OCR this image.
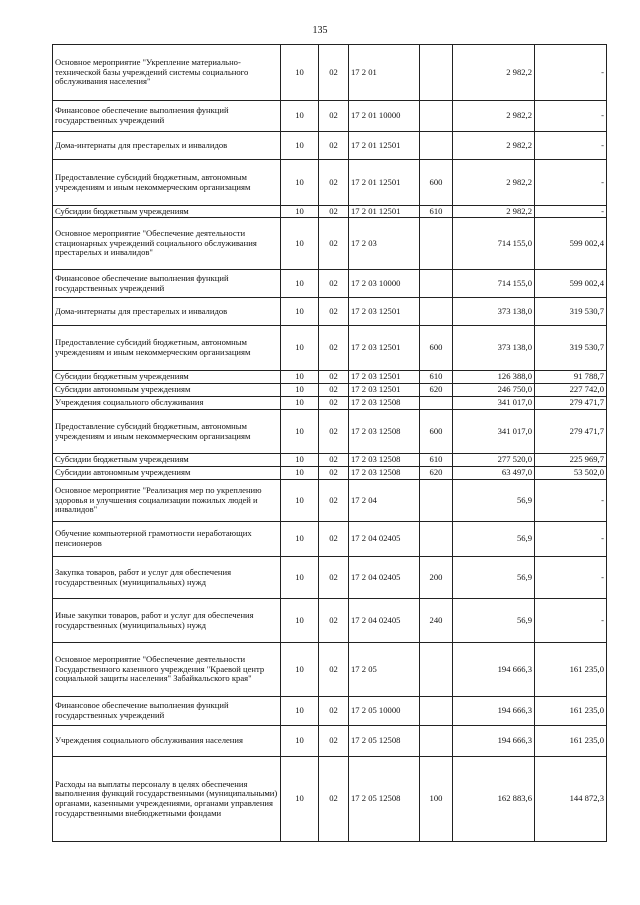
135
Основное мероприятие "Укрепление материально-технической базы учреждений системы социального обслуживания населения"	10	02	17 2 01		2 982,2	-
Финансовое обеспечение выполнения функций государственных учреждений	10	02	17 2 01 10000		2 982,2	-
Дома-интернаты для престарелых и инвалидов	10	02	17 2 01 12501		2 982,2	-
Предоставление субсидий бюджетным, автономным учреждениям и иным некоммерческим организациям	10	02	17 2 01 12501	600	2 982,2	-
Субсидии бюджетным учреждениям	10	02	17 2 01 12501	610	2 982,2	-
Основное мероприятие "Обеспечение деятельности стационарных учреждений социального обслуживания престарелых и инвалидов"	10	02	17 2 03		714 155,0	599 002,4
Финансовое обеспечение выполнения функций государственных учреждений	10	02	17 2 03 10000		714 155,0	599 002,4
Дома-интернаты для престарелых и инвалидов	10	02	17 2 03 12501		373 138,0	319 530,7
Предоставление субсидий бюджетным, автономным учреждениям и иным некоммерческим организациям	10	02	17 2 03 12501	600	373 138,0	319 530,7
Субсидии бюджетным учреждениям	10	02	17 2 03 12501	610	126 388,0	91 788,7
Субсидии автономным учреждениям	10	02	17 2 03 12501	620	246 750,0	227 742,0
Учреждения социального обслуживания	10	02	17 2 03 12508		341 017,0	279 471,7
Предоставление субсидий бюджетным, автономным учреждениям и иным некоммерческим организациям	10	02	17 2 03 12508	600	341 017,0	279 471,7
Субсидии бюджетным учреждениям	10	02	17 2 03 12508	610	277 520,0	225 969,7
Субсидии автономным учреждениям	10	02	17 2 03 12508	620	63 497,0	53 502,0
Основное мероприятие "Реализация мер по укреплению здоровья и улучшения социализации пожилых людей и инвалидов"	10	02	17 2 04		56,9	-
Обучение компьютерной грамотности неработающих пенсионеров	10	02	17 2 04 02405		56,9	-
Закупка товаров, работ и услуг для обеспечения государственных (муниципальных) нужд	10	02	17 2 04 02405	200	56,9	-
Иные закупки товаров, работ и услуг для обеспечения государственных (муниципальных) нужд	10	02	17 2 04 02405	240	56,9	-
Основное мероприятие "Обеспечение деятельности Государственного казенного учреждения "Краевой центр социальной защиты населения" Забайкальского края"	10	02	17 2 05		194 666,3	161 235,0
Финансовое обеспечение выполнения функций государственных учреждений	10	02	17 2 05 10000		194 666,3	161 235,0
Учреждения социального обслуживания населения	10	02	17 2 05 12508		194 666,3	161 235,0
Расходы на выплаты персоналу в целях обеспечения выполнения функций государственными (муниципальными) органами, казенными учреждениями, органами управления государственными внебюджетными фондами	10	02	17 2 05 12508	100	162 883,6	144 872,3
